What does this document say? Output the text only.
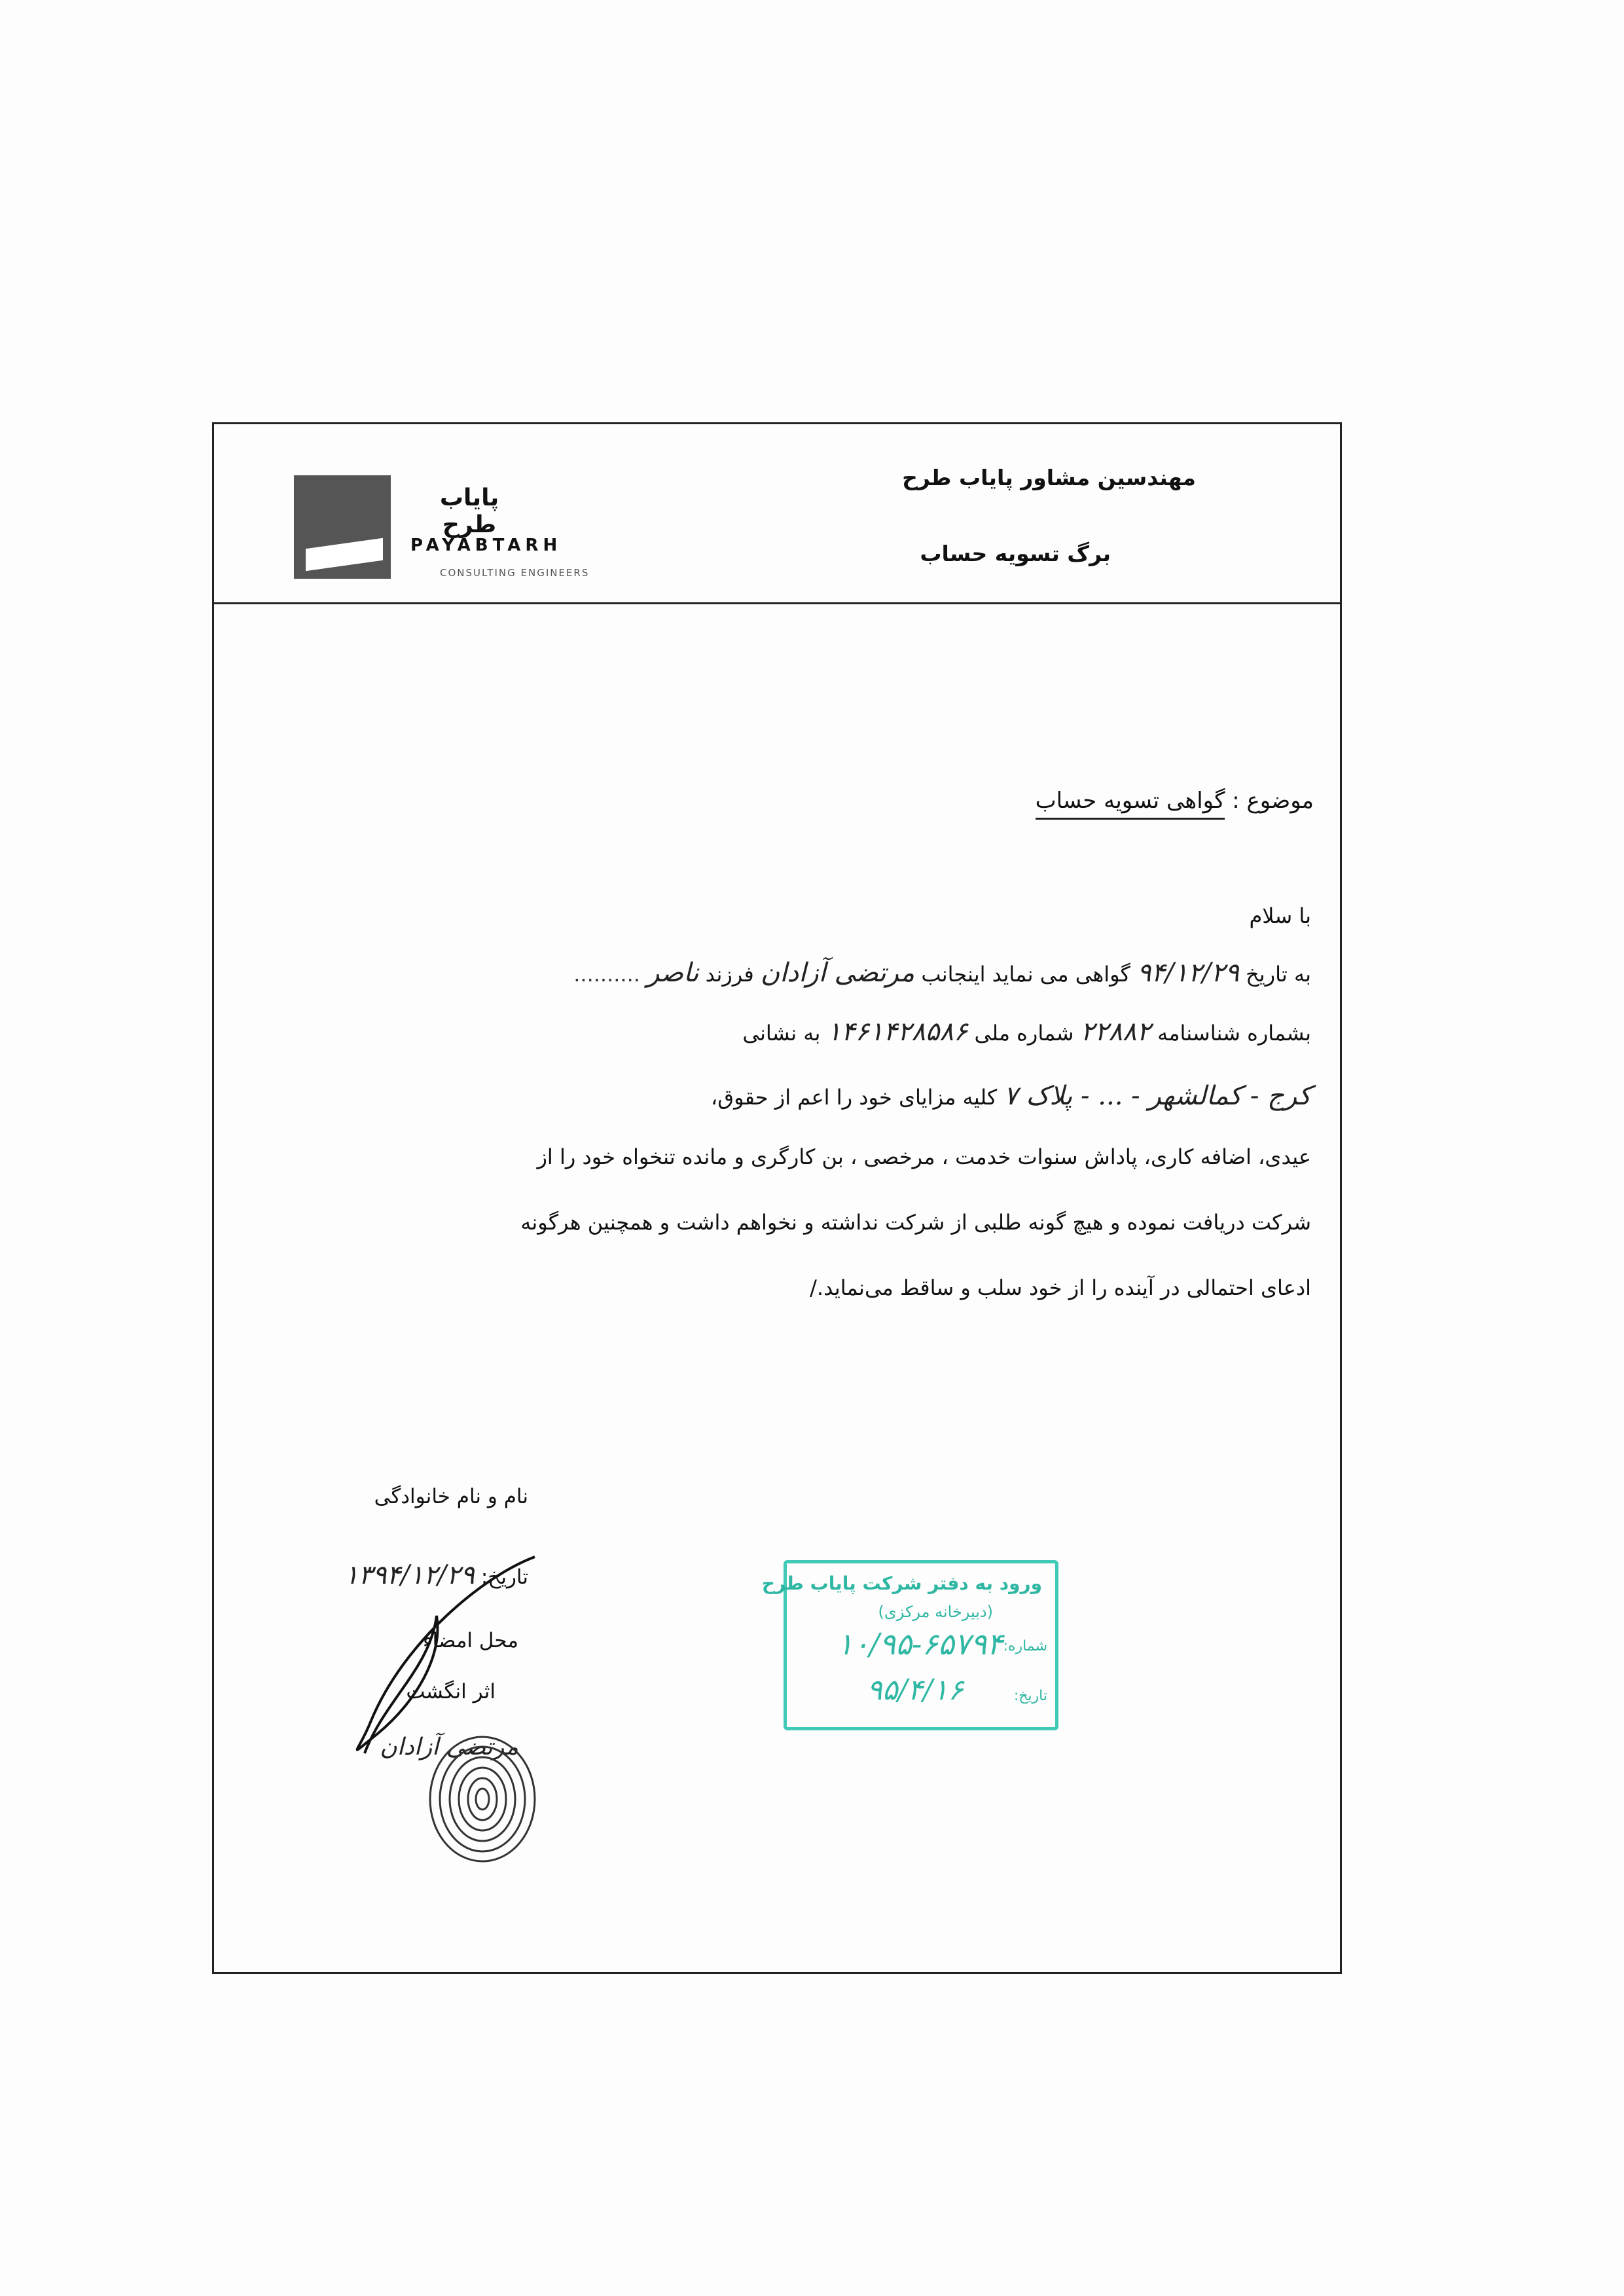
پایاب طرح
PAYABTARH
CONSULTING ENGINEERS
مهندسین مشاور پایاب طرح
برگ تسویه حساب
موضوع : گواهی تسویه حساب
با سلام
به تاریخ ۹۴/۱۲/۲۹ گواهی می نماید اینجانب مرتضی آزادان فرزند ناصر ..........
بشماره شناسنامه ۲۲۸۸۲ شماره ملی ۱۴۶۱۴۲۸۵۸۶ به نشانی
کرج - کمالشهر - ... - پلاک ۷ کلیه مزایای خود را اعم از حقوق،
عیدی، اضافه کاری، پاداش سنوات خدمت ، مرخصی ، بن کارگری و مانده تنخواه خود را از
شرکت دریافت نموده و هیچ گونه طلبی از شرکت نداشته و نخواهم داشت و همچنین هرگونه
ادعای احتمالی در آینده را از خود سلب و ساقط می‌نماید./
نام و نام خانوادگی
تاریخ: ۱۳۹۴/۱۲/۲۹
محل امضاء
اثر انگشت
مرتضی آزادان
ورود به دفتر شرکت پایاب طرح
(دبیرخانه مرکزی)
شماره:
۱۰/۹۵-۶۵۷۹۴
تاریخ:
۹۵/۴/۱۶
